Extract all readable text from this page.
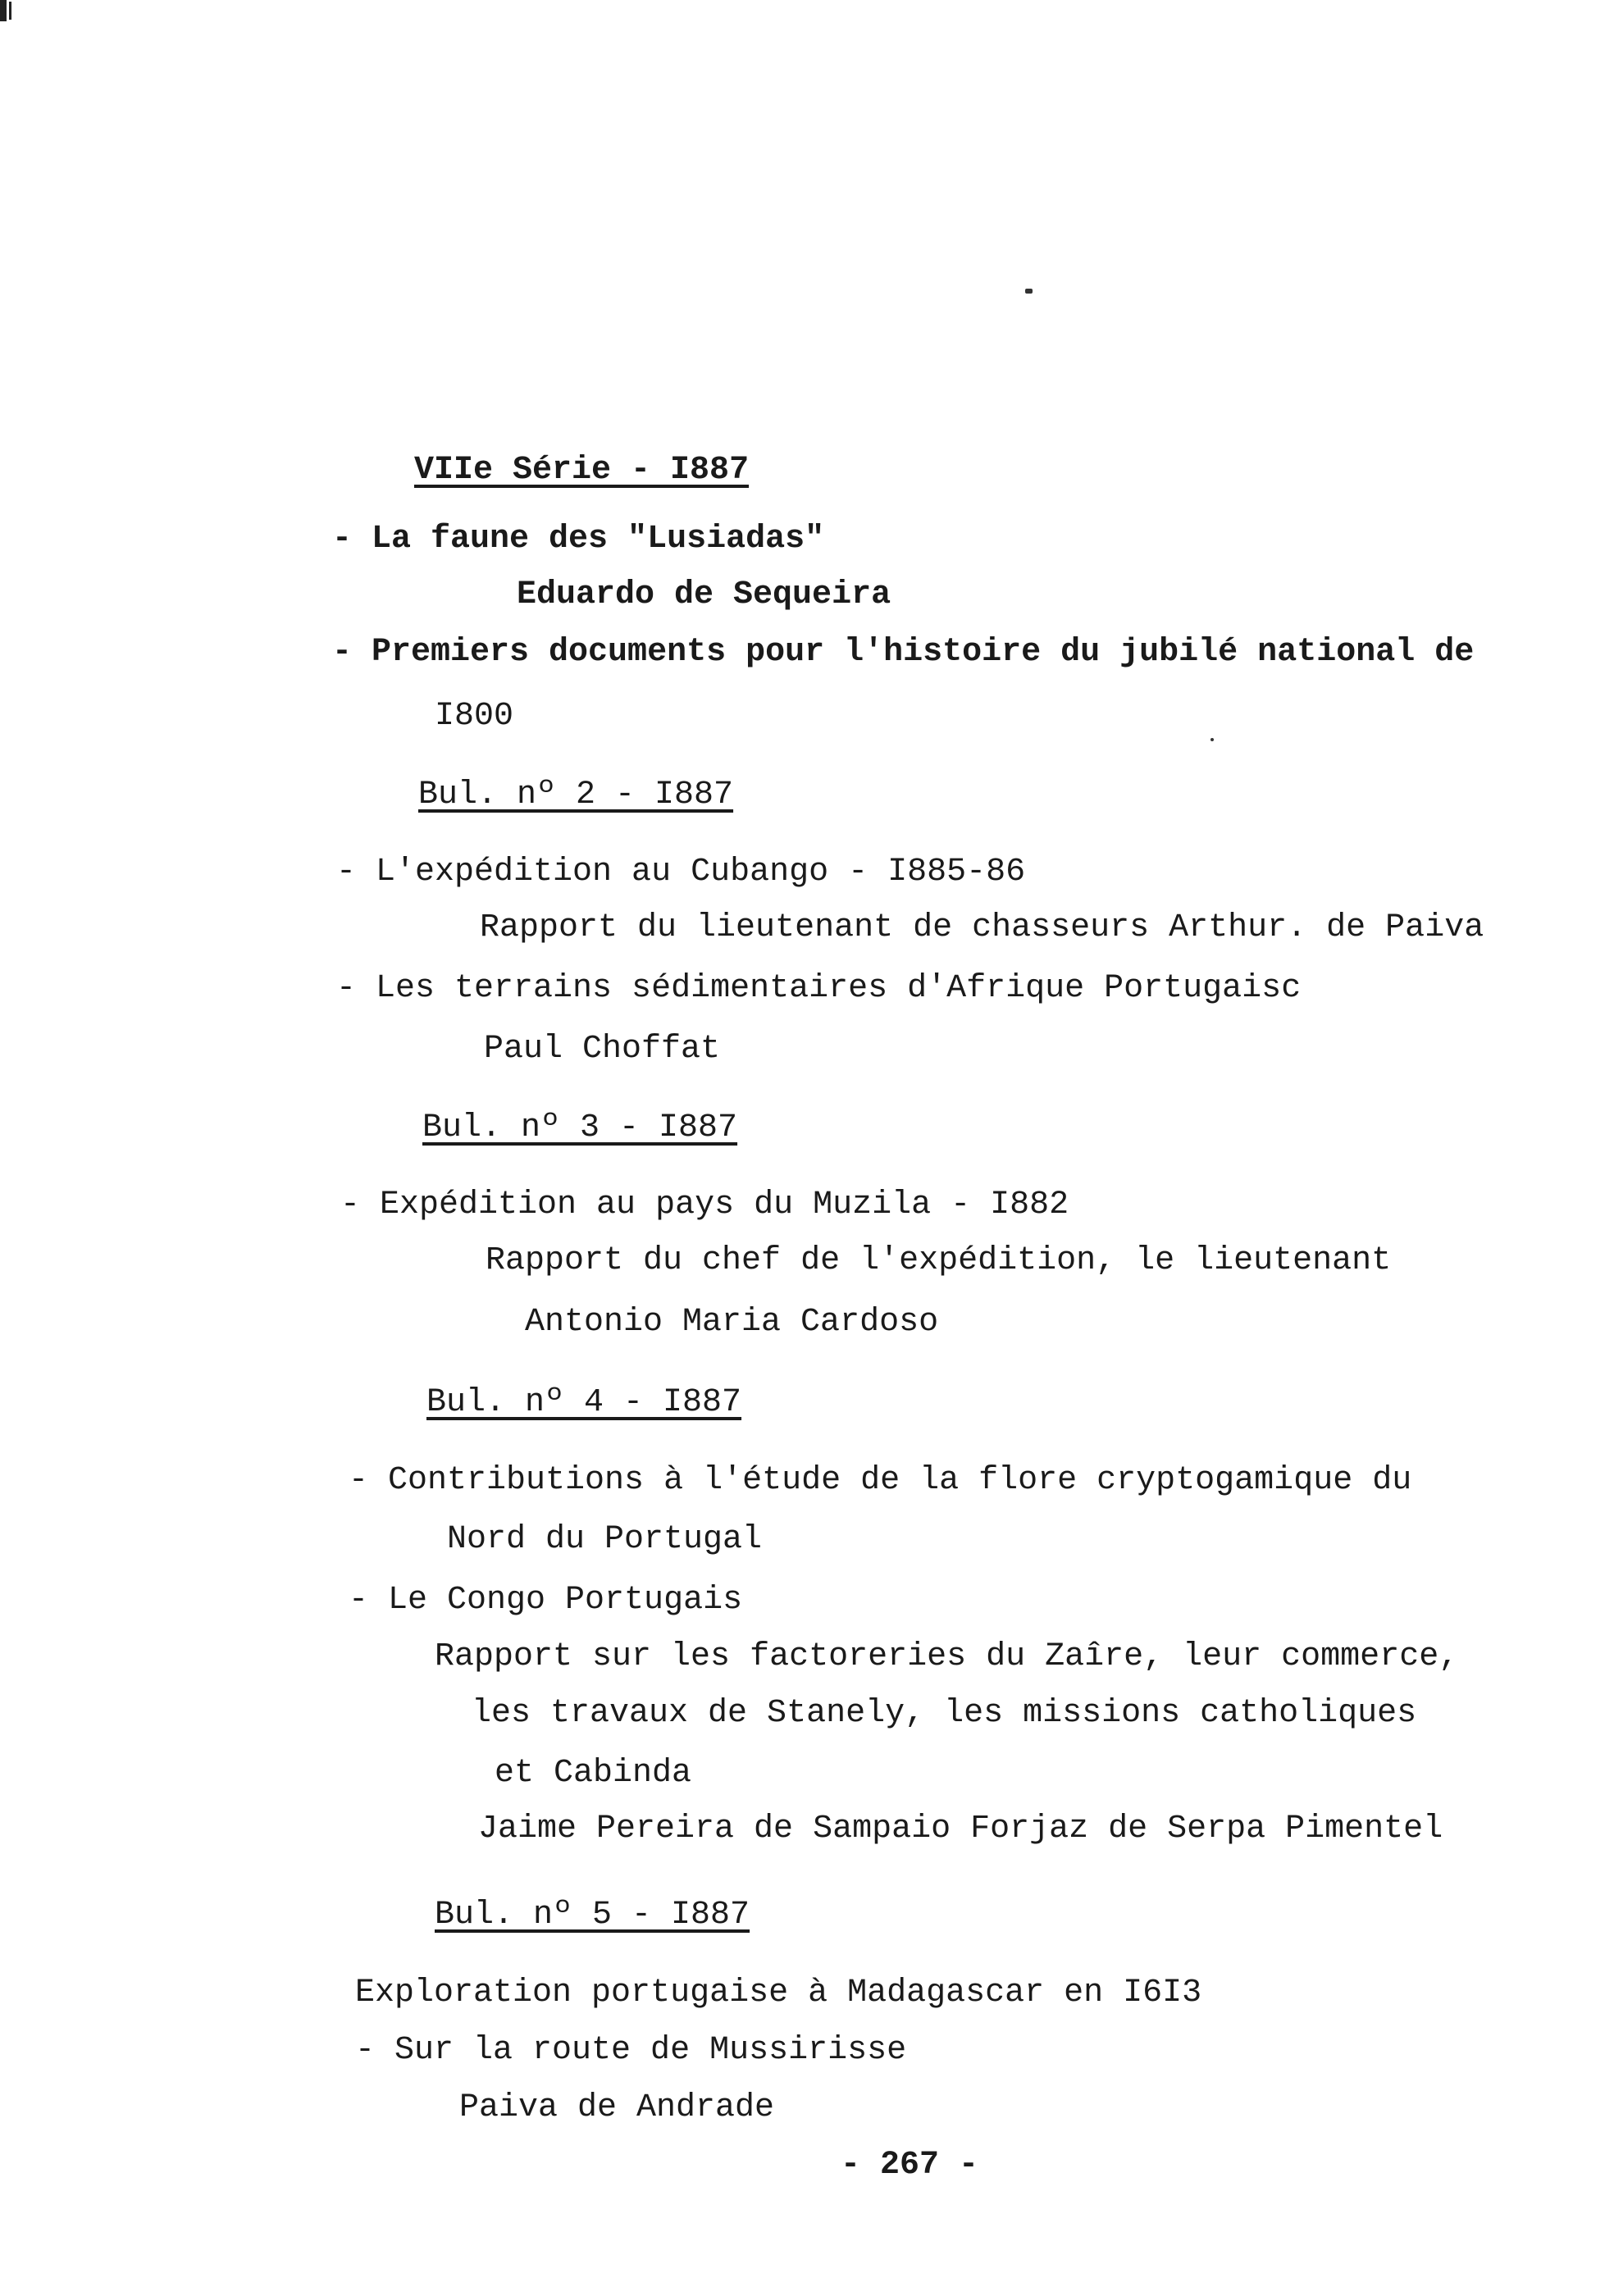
VIIe Série - I887
- La faune des "Lusiadas"
Eduardo de Sequeira
- Premiers documents pour l'histoire du jubilé national de
I800
Bul. nº 2 - I887
- L'expédition au Cubango - I885-86
Rapport du lieutenant de chasseurs Arthur. de Paiva
- Les terrains sédimentaires d'Afrique Portugaisc
Paul Choffat
Bul. nº 3 - I887
- Expédition au pays du Muzila - I882
Rapport du chef de l'expédition, le lieutenant
Antonio Maria Cardoso
Bul. nº 4 - I887
- Contributions à l'étude de la flore cryptogamique du
Nord du Portugal
- Le Congo Portugais
Rapport sur les factoreries du Zaîre, leur commerce,
les travaux de Stanely, les missions catholiques
et Cabinda
Jaime Pereira de Sampaio Forjaz de Serpa Pimentel
Bul. nº 5 - I887
Exploration portugaise à Madagascar en I6I3
- Sur la route de Mussirisse
Paiva de Andrade
- 267 -
